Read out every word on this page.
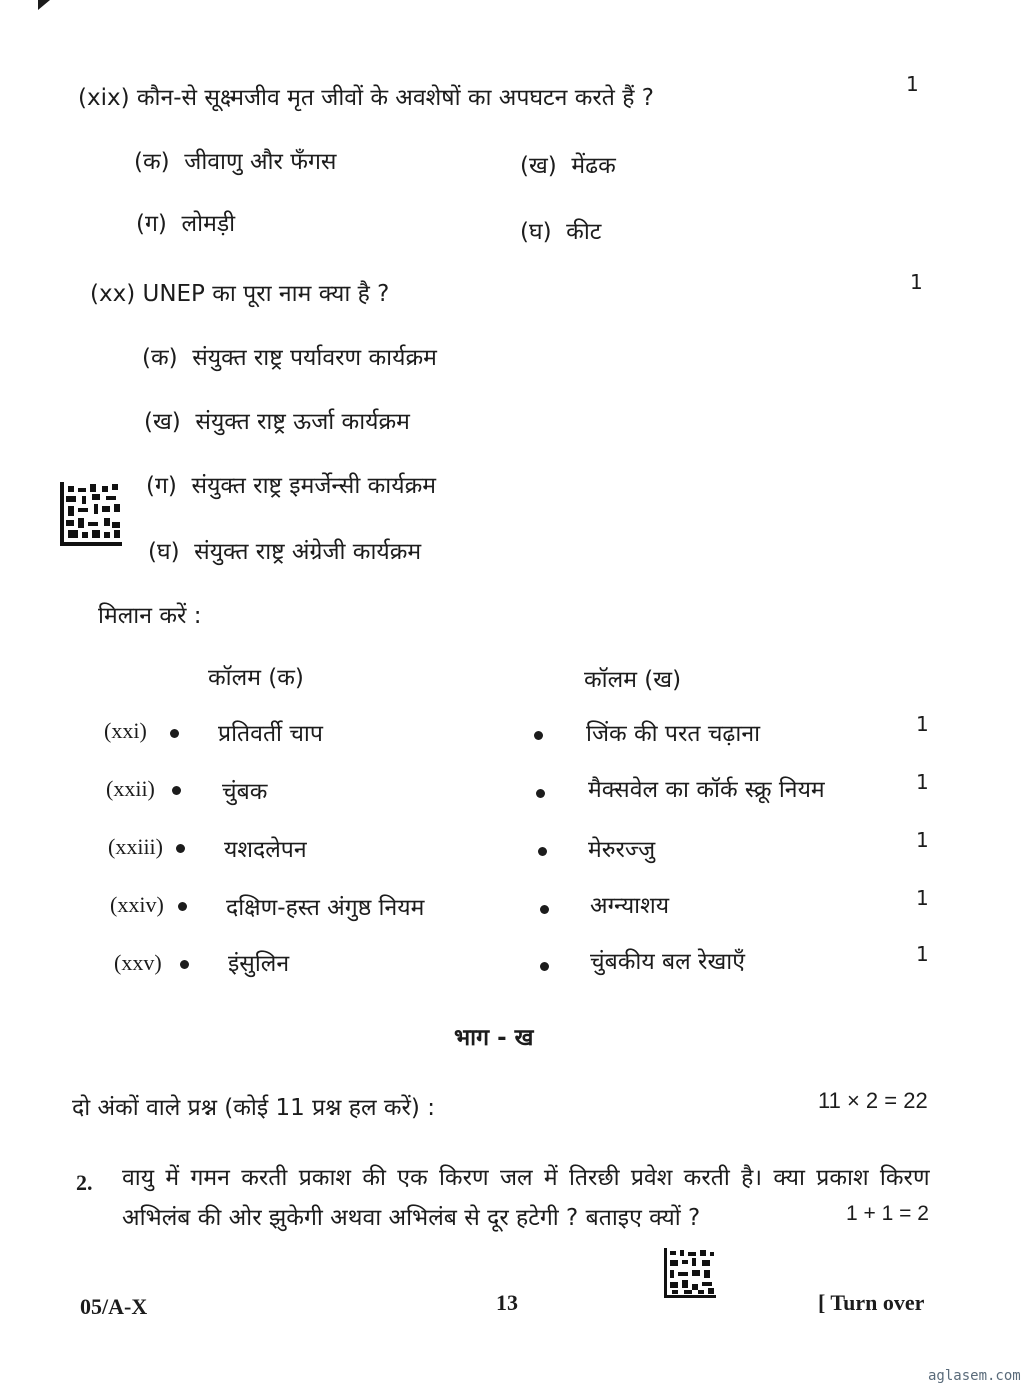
(xix) कौन-से सूक्ष्मजीव मृत जीवों के अवशेषों का अपघटन करते हैं ?
1
(क) जीवाणु और फँगस	(ख) मेंढक
(ग) लोमड़ी	(घ) कीट
(xx) UNEP का पूरा नाम क्या है ?	1
(क) संयुक्त राष्ट्र पर्यावरण कार्यक्रम
(ख) संयुक्त राष्ट्र ऊर्जा कार्यक्रम
(ग) संयुक्त राष्ट्र इमर्जेन्सी कार्यक्रम
(घ) संयुक्त राष्ट्र अंग्रेजी कार्यक्रम
मिलान करें :
कॉलम (क)	कॉलम (ख)
(xxi)	प्रतिवर्ती चाप	जिंक की परत चढ़ाना	1
(xxii)	चुंबक	मैक्सवेल का कॉर्क स्क्रू नियम	1
(xxiii)	यशदलेपन	मेरुरज्जु	1
(xxiv)	दक्षिण-हस्त अंगुष्ठ नियम	अग्न्याशय	1
(xxv)	इंसुलिन	चुंबकीय बल रेखाएँ	1
भाग - ख
दो अंकों वाले प्रश्न (कोई 11 प्रश्न हल करें) :	11 × 2 = 22
2. वायु में गमन करती प्रकाश की एक किरण जल में तिरछी प्रवेश करती है। क्या प्रकाश किरण
अभिलंब की ओर झुकेगी अथवा अभिलंब से दूर हटेगी ? बताइए क्यों ?	1 + 1 = 2
05/A-X	13	[ Turn over
aglasem.com
